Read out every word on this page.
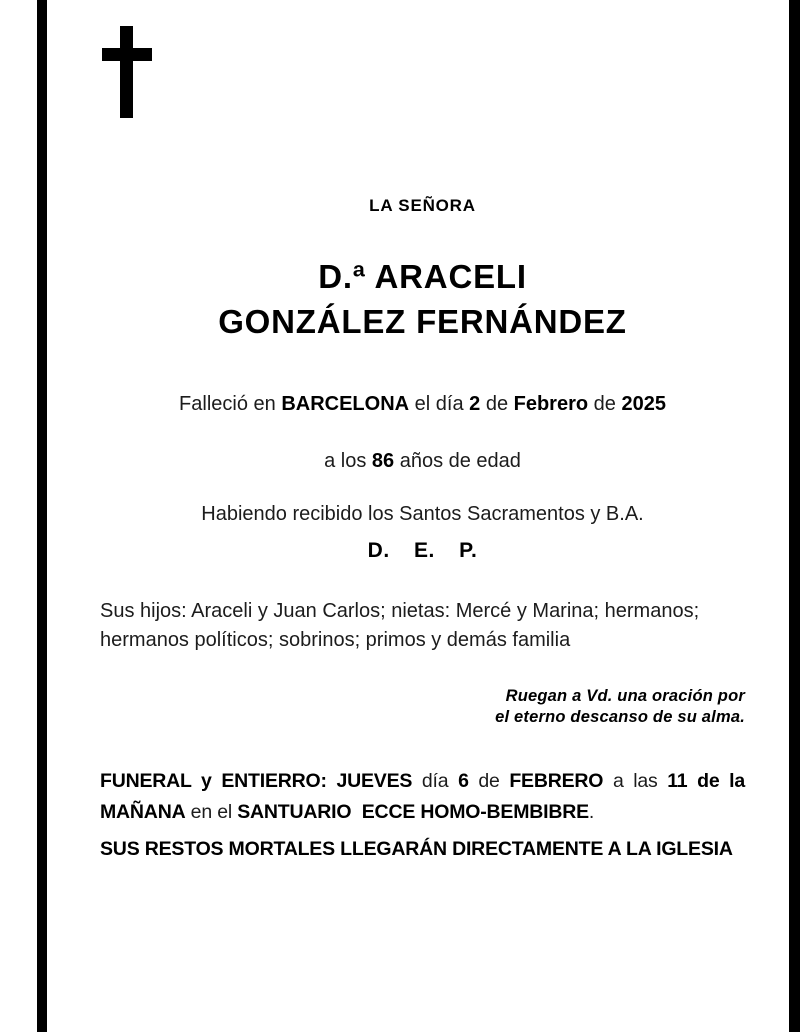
LA SEÑORA
D.ª ARACELI
GONZÁLEZ FERNÁNDEZ
Falleció en BARCELONA el día 2 de Febrero de 2025
a los 86 años de edad
Habiendo recibido los Santos Sacramentos y B.A.
D. E. P.
Sus hijos: Araceli y Juan Carlos; nietas: Mercé y Marina; hermanos;
hermanos políticos; sobrinos; primos y demás familia
Ruegan a Vd. una oración por
el eterno descanso de su alma.
FUNERAL y ENTIERRO: JUEVES día 6 de FEBRERO a las 11 de la
MAÑANA en el SANTUARIO  ECCE HOMO-BEMBIBRE.
SUS RESTOS MORTALES LLEGARÁN DIRECTAMENTE A LA IGLESIA
